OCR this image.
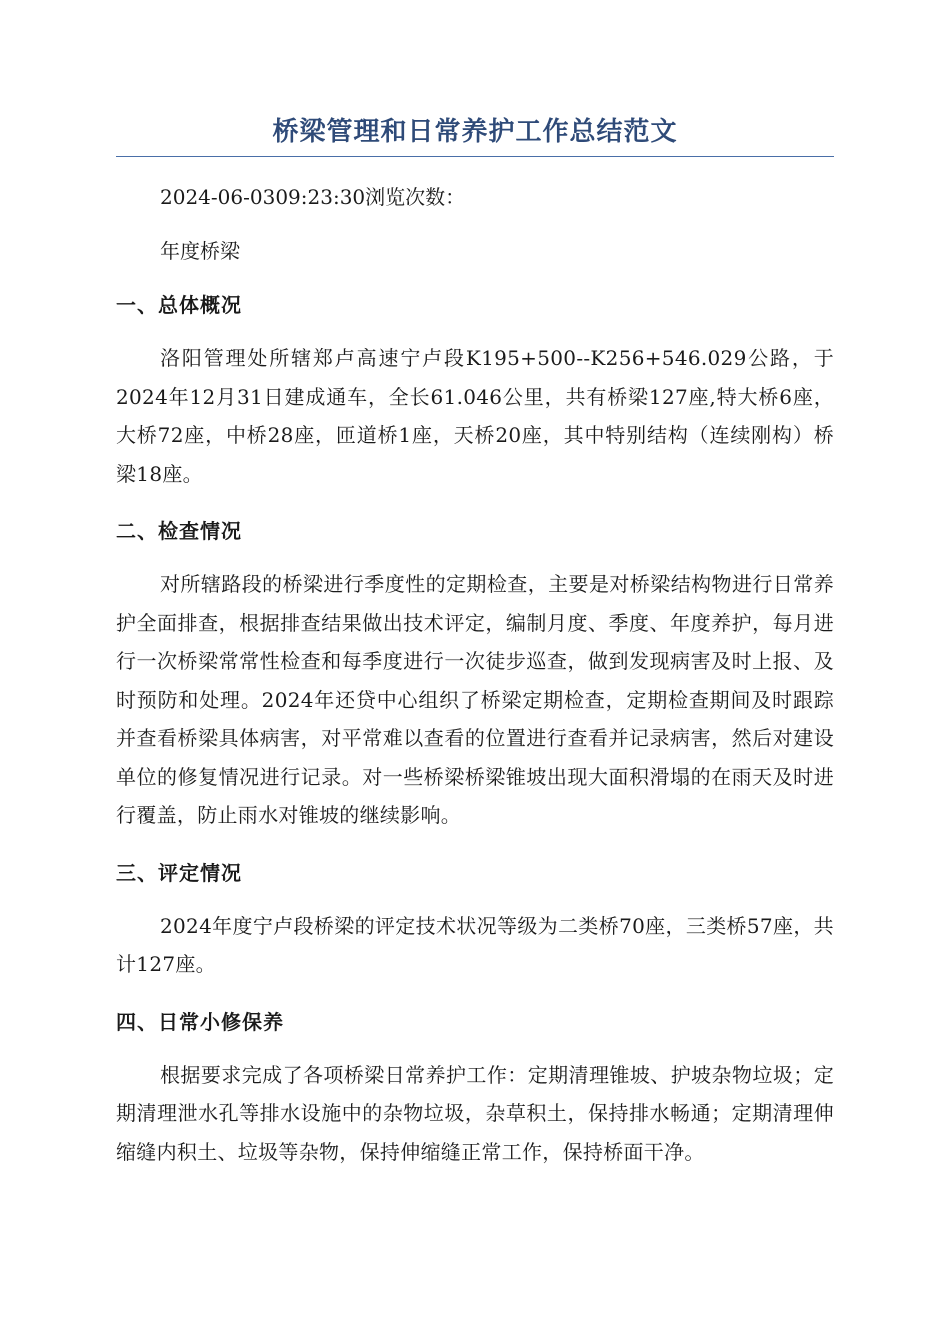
桥梁管理和日常养护工作总结范文

2024-06-0309:23:30浏览次数：

年度桥梁

一、总体概况

洛阳管理处所辖郑卢高速宁卢段K195+500--K256+546.029公路，于2024年12月31日建成通车，全长61.046公里，共有桥梁127座,特大桥6座，大桥72座，中桥28座，匝道桥1座，天桥20座，其中特别结构（连续刚构）桥梁18座。

二、检查情况

对所辖路段的桥梁进行季度性的定期检查，主要是对桥梁结构物进行日常养护全面排查，根据排查结果做出技术评定，编制月度、季度、年度养护，每月进行一次桥梁常常性检查和每季度进行一次徒步巡查，做到发现病害及时上报、及时预防和处理。2024年还贷中心组织了桥梁定期检查，定期检查期间及时跟踪并查看桥梁具体病害，对平常难以查看的位置进行查看并记录病害，然后对建设单位的修复情况进行记录。对一些桥梁桥梁锥坡出现大面积滑塌的在雨天及时进行覆盖，防止雨水对锥坡的继续影响。

三、评定情况

2024年度宁卢段桥梁的评定技术状况等级为二类桥70座，三类桥57座，共计127座。

四、日常小修保养

根据要求完成了各项桥梁日常养护工作：定期清理锥坡、护坡杂物垃圾；定期清理泄水孔等排水设施中的杂物垃圾，杂草积土，保持排水畅通；定期清理伸缩缝内积土、垃圾等杂物，保持伸缩缝正常工作，保持桥面干净。
